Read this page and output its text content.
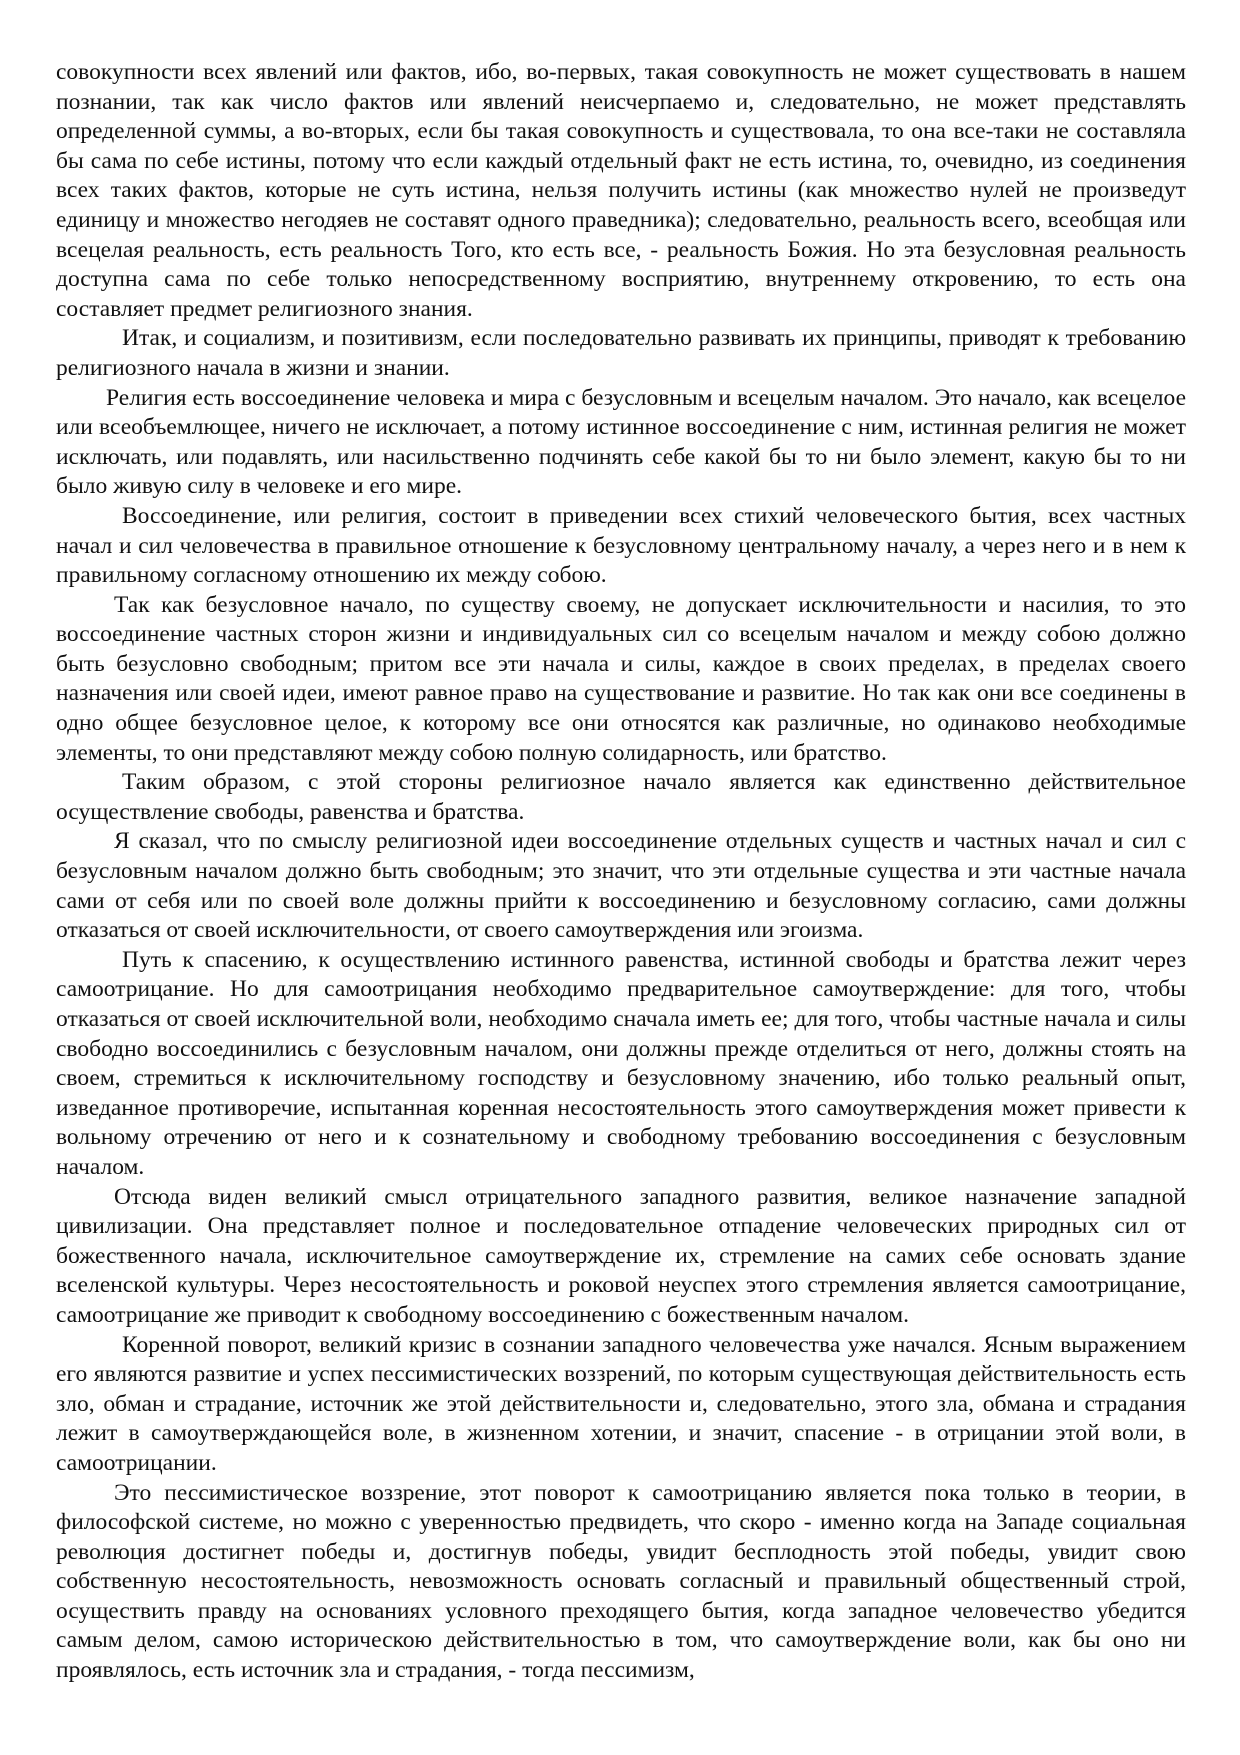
совокупности всех явлений или фактов, ибо, во-первых, такая совокупность не может существовать в нашем познании, так как число фактов или явлений неисчерпаемо и, следовательно, не может представлять определенной суммы, а во-вторых, если бы такая совокупность и существовала, то она все-таки не составляла бы сама по себе истины, потому что если каждый отдельный факт не есть истина, то, очевидно, из соединения всех таких фактов, которые не суть истина, нельзя получить истины (как множество нулей не произведут единицу и множество негодяев не составят одного праведника); следовательно, реальность всего, всеобщая или всецелая реальность, есть реальность Того, кто есть все, - реальность Божия. Но эта безусловная реальность доступна сама по себе только непосредственному восприятию, внутреннему откровению, то есть она составляет предмет религиозного знания.

Итак, и социализм, и позитивизм, если последовательно развивать их принципы, приводят к требованию религиозного начала в жизни и знании.

Религия есть воссоединение человека и мира с безусловным и всецелым началом. Это начало, как всецелое или всеобъемлющее, ничего не исключает, а потому истинное воссоединение с ним, истинная религия не может исключать, или подавлять, или насильственно подчинять себе какой бы то ни было элемент, какую бы то ни было живую силу в человеке и его мире.

Воссоединение, или религия, состоит в приведении всех стихий человеческого бытия, всех частных начал и сил человечества в правильное отношение к безусловному центральному началу, а через него и в нем к правильному согласному отношению их между собою.

Так как безусловное начало, по существу своему, не допускает исключительности и насилия, то это воссоединение частных сторон жизни и индивидуальных сил со всецелым началом и между собою должно быть безусловно свободным; притом все эти начала и силы, каждое в своих пределах, в пределах своего назначения или своей идеи, имеют равное право на существование и развитие. Но так как они все соединены в одно общее безусловное целое, к которому все они относятся как различные, но одинаково необходимые элементы, то они представляют между собою полную солидарность, или братство.

Таким образом, с этой стороны религиозное начало является как единственно действительное осуществление свободы, равенства и братства.

Я сказал, что по смыслу религиозной идеи воссоединение отдельных существ и частных начал и сил с безусловным началом должно быть свободным; это значит, что эти отдельные существа и эти частные начала сами от себя или по своей воле должны прийти к воссоединению и безусловному согласию, сами должны отказаться от своей исключительности, от своего самоутверждения или эгоизма.

Путь к спасению, к осуществлению истинного равенства, истинной свободы и братства лежит через самоотрицание. Но для самоотрицания необходимо предварительное самоутверждение: для того, чтобы отказаться от своей исключительной воли, необходимо сначала иметь ее; для того, чтобы частные начала и силы свободно воссоединились с безусловным началом, они должны прежде отделиться от него, должны стоять на своем, стремиться к исключительному господству и безусловному значению, ибо только реальный опыт, изведанное противоречие, испытанная коренная несостоятельность этого самоутверждения может привести к вольному отречению от него и к сознательному и свободному требованию воссоединения с безусловным началом.

Отсюда виден великий смысл отрицательного западного развития, великое назначение западной цивилизации. Она представляет полное и последовательное отпадение человеческих природных сил от божественного начала, исключительное самоутверждение их, стремление на самих себе основать здание вселенской культуры. Через несостоятельность и роковой неуспех этого стремления является самоотрицание, самоотрицание же приводит к свободному воссоединению с божественным началом.

Коренной поворот, великий кризис в сознании западного человечества уже начался. Ясным выражением его являются развитие и успех пессимистических воззрений, по которым существующая действительность есть зло, обман и страдание, источник же этой действительности и, следовательно, этого зла, обмана и страдания лежит в самоутверждающейся воле, в жизненном хотении, и значит, спасение - в отрицании этой воли, в самоотрицании.

Это пессимистическое воззрение, этот поворот к самоотрицанию является пока только в теории, в философской системе, но можно с уверенностью предвидеть, что скоро - именно когда на Западе социальная революция достигнет победы и, достигнув победы, увидит бесплодность этой победы, увидит свою собственную несостоятельность, невозможность основать согласный и правильный общественный строй, осуществить правду на основаниях условного преходящего бытия, когда западное человечество убедится самым делом, самою историческою действительностью в том, что самоутверждение воли, как бы оно ни проявлялось, есть источник зла и страдания, - тогда пессимизм,
